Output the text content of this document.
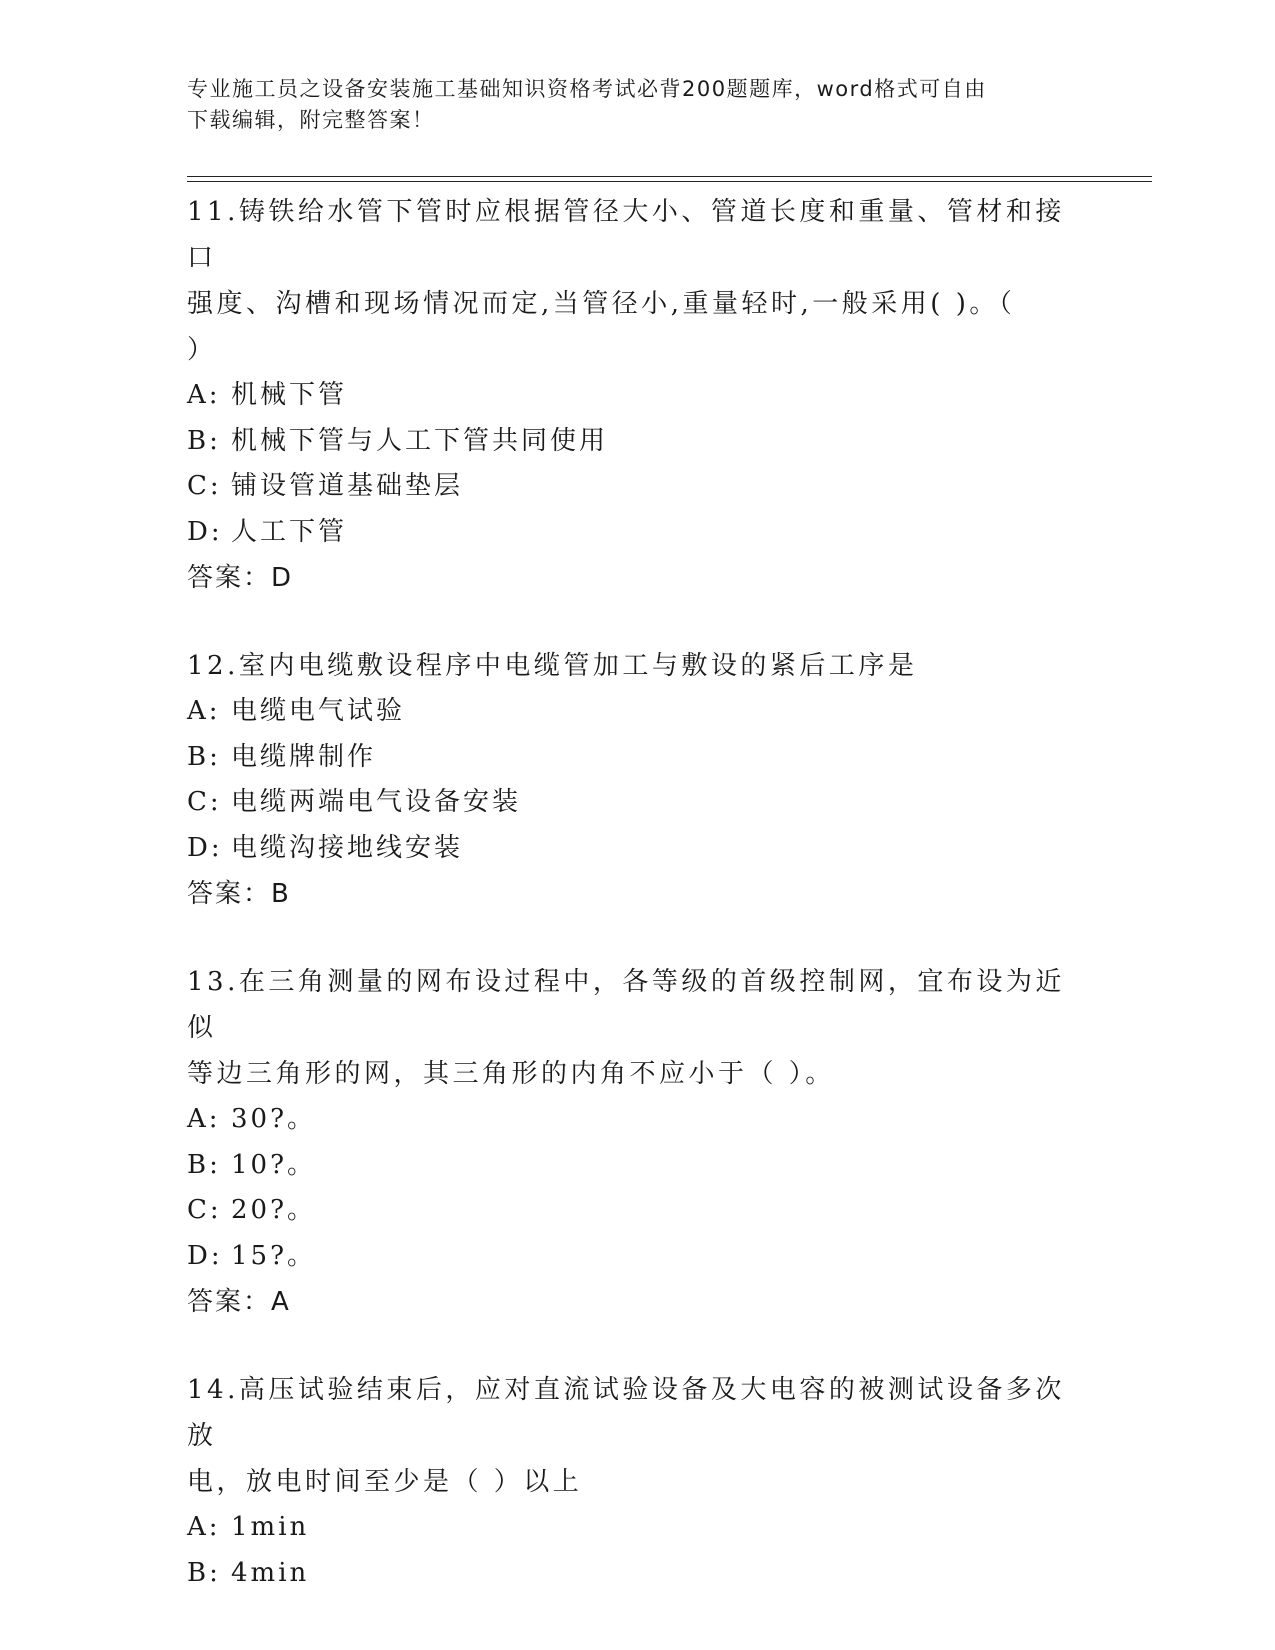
专业施工员之设备安装施工基础知识资格考试必背200题题库，word格式可自由
下载编辑，附完整答案！

11.铸铁给水管下管时应根据管径大小、管道长度和重量、管材和接口

强度、沟槽和现场情况而定,当管径小,重量轻时,一般采用( )。（

）

A: 机械下管

B: 机械下管与人工下管共同使用

C: 铺设管道基础垫层

D: 人工下管

答案：D

12.室内电缆敷设程序中电缆管加工与敷设的紧后工序是

A: 电缆电气试验

B: 电缆牌制作

C: 电缆两端电气设备安装

D: 电缆沟接地线安装

答案：B

13.在三角测量的网布设过程中，各等级的首级控制网，宜布设为近似

等边三角形的网，其三角形的内角不应小于（ ）。

A: 30?。

B: 10?。

C: 20?。

D: 15?。

答案：A

14.高压试验结束后，应对直流试验设备及大电容的被测试设备多次放

电，放电时间至少是（ ）以上

A: 1min

B: 4min
